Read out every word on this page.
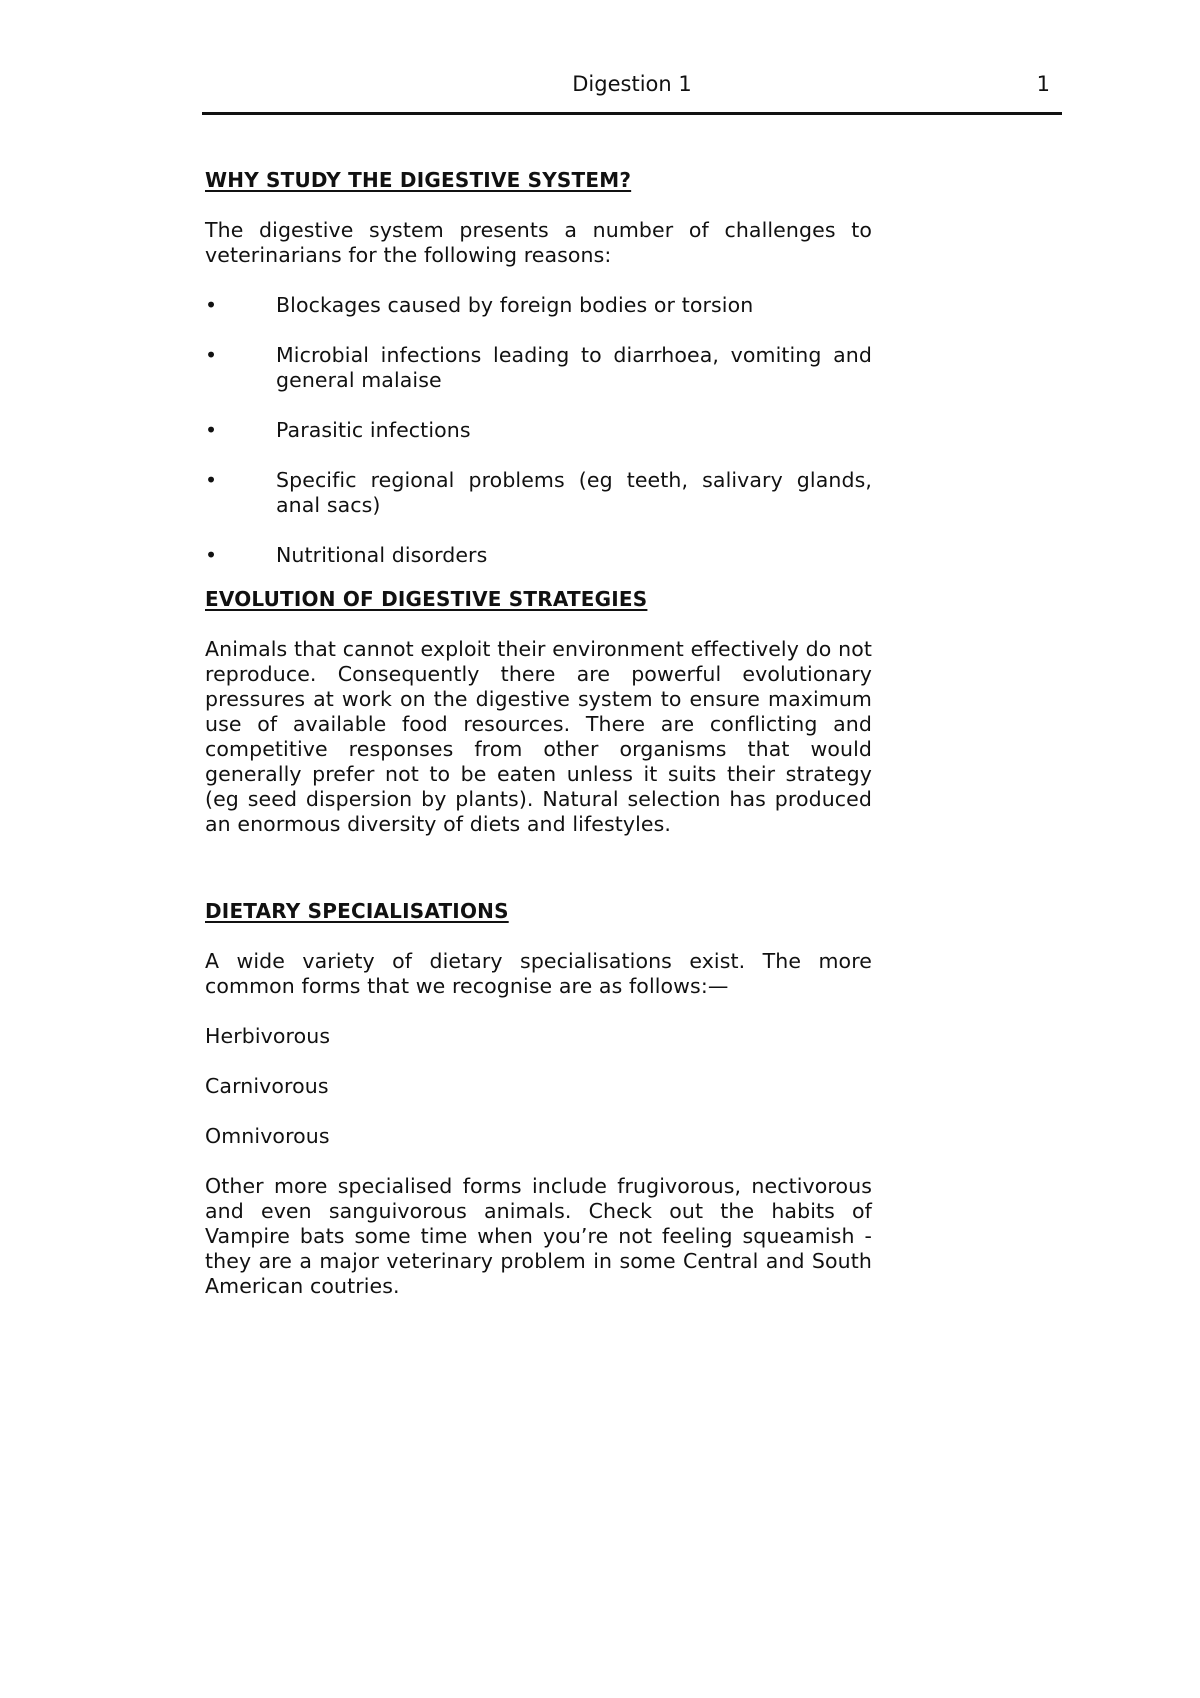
Digestion 1	1
WHY STUDY THE DIGESTIVE SYSTEM?

The digestive system presents a number of challenges to veterinarians for the following reasons:

•	Blockages caused by foreign bodies or torsion
•	Microbial infections leading to diarrhoea, vomiting and general malaise
•	Parasitic infections
•	Specific regional problems (eg teeth, salivary glands, anal sacs)
•	Nutritional disorders
EVOLUTION OF DIGESTIVE STRATEGIES

Animals that cannot exploit their environment effectively do not reproduce. Consequently there are powerful evolutionary pressures at work on the digestive system to ensure maximum use of available food resources. There are conflicting and competitive responses from other organisms that would generally prefer not to be eaten unless it suits their strategy (eg seed dispersion by plants). Natural selection has produced an enormous diversity of diets and lifestyles.

DIETARY SPECIALISATIONS

A wide variety of dietary specialisations exist. The more common forms that we recognise are as follows:—

Herbivorous

Carnivorous

Omnivorous

Other more specialised forms include frugivorous, nectivorous and even sanguivorous animals. Check out the habits of Vampire bats some time when you’re not feeling squeamish - they are a major veterinary problem in some Central and South American coutries.
